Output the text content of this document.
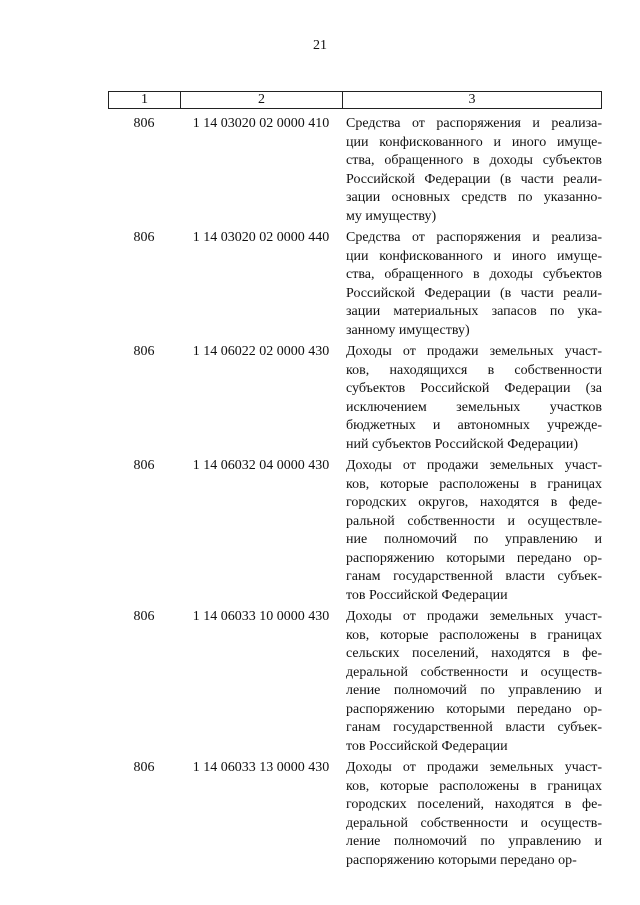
21
1	2	3
806	1 14 03020 02 0000 410	Средства от распоряжения и реализа-
ции конфискованного и иного имуще-
ства, обращенного в доходы субъектов
Российской Федерации (в части реали-
зации основных средств по указанно-
му имуществу)
806	1 14 03020 02 0000 440	Средства от распоряжения и реализа-
ции конфискованного и иного имуще-
ства, обращенного в доходы субъектов
Российской Федерации (в части реали-
зации материальных запасов по ука-
занному имуществу)
806	1 14 06022 02 0000 430	Доходы от продажи земельных участ-
ков, находящихся в собственности
субъектов Российской Федерации (за
исключением земельных участков
бюджетных и автономных учрежде-
ний субъектов Российской Федерации)
806	1 14 06032 04 0000 430	Доходы от продажи земельных участ-
ков, которые расположены в границах
городских округов, находятся в феде-
ральной собственности и осуществле-
ние полномочий по управлению и
распоряжению которыми передано ор-
ганам государственной власти субъек-
тов Российской Федерации
806	1 14 06033 10 0000 430	Доходы от продажи земельных участ-
ков, которые расположены в границах
сельских поселений, находятся в фе-
деральной собственности и осуществ-
ление полномочий по управлению и
распоряжению которыми передано ор-
ганам государственной власти субъек-
тов Российской Федерации
806	1 14 06033 13 0000 430	Доходы от продажи земельных участ-
ков, которые расположены в границах
городских поселений, находятся в фе-
деральной собственности и осуществ-
ление полномочий по управлению и
распоряжению которыми передано ор-
